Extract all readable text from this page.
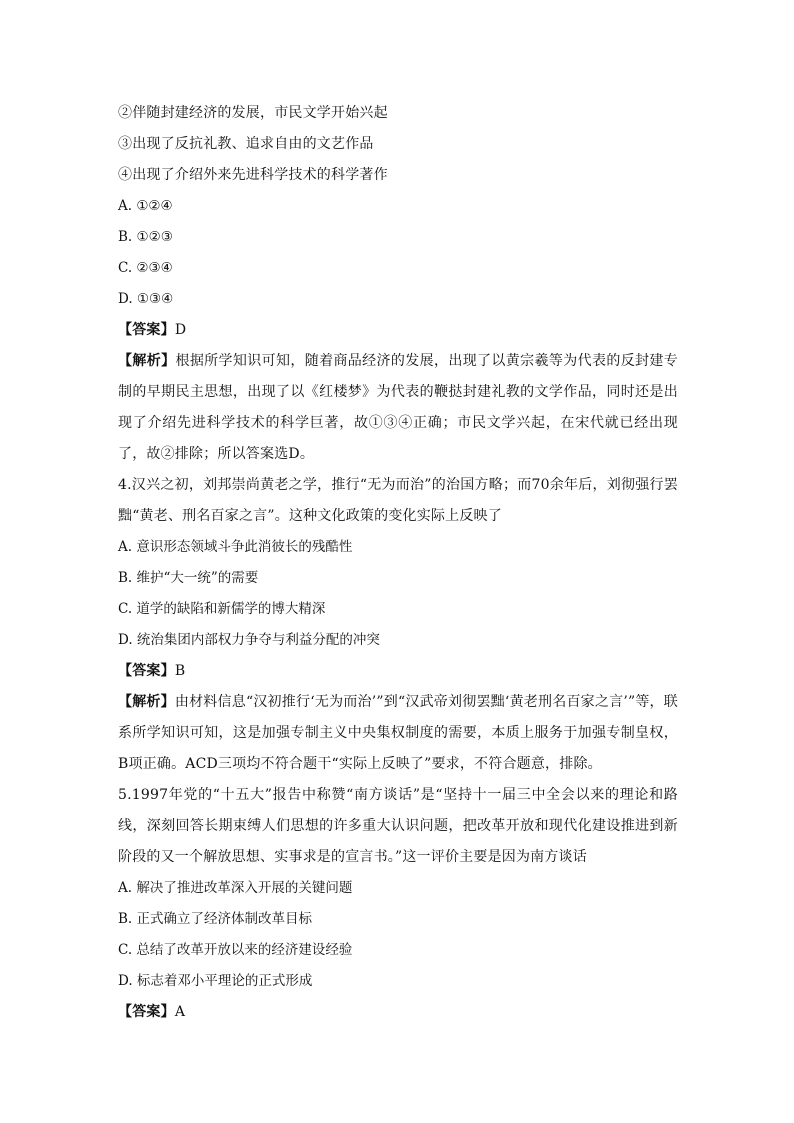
②伴随封建经济的发展，市民文学开始兴起
③出现了反抗礼教、追求自由的文艺作品
④出现了介绍外来先进科学技术的科学著作
A. ①②④
B. ①②③
C. ②③④
D. ①③④
【答案】D
【解析】根据所学知识可知，随着商品经济的发展，出现了以黄宗羲等为代表的反封建专制的早期民主思想，出现了以《红楼梦》为代表的鞭挞封建礼教的文学作品，同时还是出现了介绍先进科学技术的科学巨著，故①③④正确；市民文学兴起，在宋代就已经出现了，故②排除；所以答案选D。
4.汉兴之初，刘邦崇尚黄老之学，推行“无为而治”的治国方略；而70余年后，刘彻强行罢黜“黄老、刑名百家之言”。这种文化政策的变化实际上反映了
A. 意识形态领域斗争此消彼长的残酷性
B. 维护“大一统”的需要
C. 道学的缺陷和新儒学的博大精深
D. 统治集团内部权力争夺与利益分配的冲突
【答案】B
【解析】由材料信息“汉初推行‘无为而治’”到“汉武帝刘彻罢黜‘黄老刑名百家之言’”等，联系所学知识可知，这是加强专制主义中央集权制度的需要，本质上服务于加强专制皇权，B项正确。ACD三项均不符合题干“实际上反映了”要求，不符合题意，排除。
5.1997年党的“十五大”报告中称赞“南方谈话”是“坚持十一届三中全会以来的理论和路线，深刻回答长期束缚人们思想的许多重大认识问题，把改革开放和现代化建设推进到新阶段的又一个解放思想、实事求是的宣言书。”这一评价主要是因为南方谈话
A. 解决了推进改革深入开展的关键问题
B. 正式确立了经济体制改革目标
C. 总结了改革开放以来的经济建设经验
D. 标志着邓小平理论的正式形成
【答案】A
